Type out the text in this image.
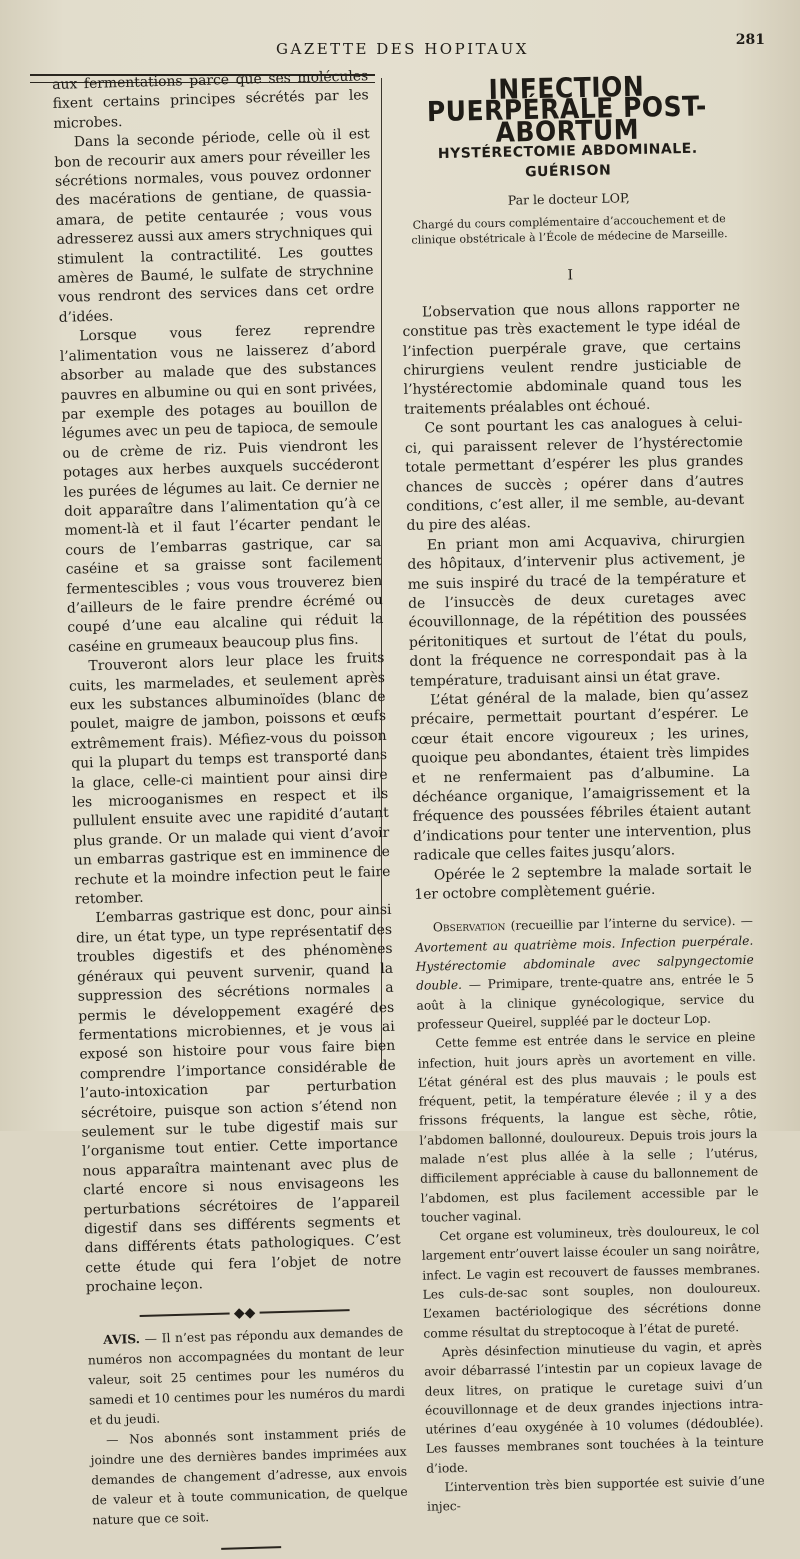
GAZETTE DES HOPITAUX	281

aux fermentations parce que ses molécules fixent certains principes sécrétés par les microbes.

Dans la seconde période, celle où il est bon de recourir aux amers pour réveiller les sécrétions normales, vous pouvez ordonner des macérations de gentiane, de quassia-amara, de petite centaurée ; vous vous adresserez aussi aux amers strychniques qui stimulent la contractilité. Les gouttes amères de Baumé, le sulfate de strychnine vous rendront des services dans cet ordre d’idées.

Lorsque vous ferez reprendre l’alimentation vous ne laisserez d’abord absorber au malade que des substances pauvres en albumine ou qui en sont privées, par exemple des potages au bouillon de légumes avec un peu de tapioca, de semoule ou de crème de riz. Puis viendront les potages aux herbes auxquels succéderont les purées de légumes au lait. Ce dernier ne doit apparaître dans l’alimentation qu’à ce moment-là et il faut l’écarter pendant le cours de l’embarras gastrique, car sa caséine et sa graisse sont facilement fermentescibles ; vous vous trouverez bien d’ailleurs de le faire prendre écrémé ou coupé d’une eau alcaline qui réduit la caséine en grumeaux beaucoup plus fins.

Trouveront alors leur place les fruits cuits, les marmelades, et seulement après eux les substances albuminoïdes (blanc de poulet, maigre de jambon, poissons et œufs extrêmement frais). Méfiez-vous du poisson qui la plupart du temps est transporté dans la glace, celle-ci maintient pour ainsi dire les microoganismes en respect et ils pullulent ensuite avec une rapidité d’autant plus grande. Or un malade qui vient d’avoir un embarras gastrique est en imminence de rechute et la moindre infection peut le faire retomber.

L’embarras gastrique est donc, pour ainsi dire, un état type, un type représentatif des troubles digestifs et des phénomènes généraux qui peuvent survenir, quand la suppression des sécrétions normales a permis le développement exagéré des fermentations microbiennes, et je vous ai exposé son histoire pour vous faire bien comprendre l’importance considérable de l’auto-intoxication par perturbation sécrétoire, puisque son action s’étend non seulement sur le tube digestif mais sur l’organisme tout entier. Cette importance nous apparaîtra maintenant avec plus de clarté encore si nous envisageons les perturbations sécrétoires de l’appareil digestif dans ses différents segments et dans différents états pathologiques. C’est cette étude qui fera l’objet de notre prochaine leçon.

◆◆

AVIS. — Il n’est pas répondu aux demandes de numéros non accompagnées du montant de leur valeur, soit 25 centimes pour les numéros du samedi et 10 centimes pour les numéros du mardi et du jeudi.

— Nos abonnés sont instamment priés de joindre une des dernières bandes imprimées aux demandes de changement d’adresse, aux envois de valeur et à toute communication, de quelque nature que ce soit.

INFECTION PUERPÉRALE POST-ABORTUM
HYSTÉRECTOMIE ABDOMINALE. GUÉRISON
Par le docteur LOP,
Chargé du cours complémentaire d’accouchement et de clinique obstétricale à l’École de médecine de Marseille.
I

L’observation que nous allons rapporter ne constitue pas très exactement le type idéal de l’infection puerpérale grave, que certains chirurgiens veulent rendre justiciable de l’hystérectomie abdominale quand tous les traitements préalables ont échoué.

Ce sont pourtant les cas analogues à celui-ci, qui paraissent relever de l’hystérectomie totale permettant d’espérer les plus grandes chances de succès ; opérer dans d’autres conditions, c’est aller, il me semble, au-devant du pire des aléas.

En priant mon ami Acquaviva, chirurgien des hôpitaux, d’intervenir plus activement, je me suis inspiré du tracé de la température et de l’insuccès de deux curetages avec écouvillonnage, de la répétition des poussées péritonitiques et surtout de l’état du pouls, dont la fréquence ne correspondait pas à la température, traduisant ainsi un état grave.

L’état général de la malade, bien qu’assez précaire, permettait pourtant d’espérer. Le cœur était encore vigoureux ; les urines, quoique peu abondantes, étaient très limpides et ne renfermaient pas d’albumine. La déchéance organique, l’amaigrissement et la fréquence des poussées fébriles étaient autant d’indications pour tenter une intervention, plus radicale que celles faites jusqu’alors.

Opérée le 2 septembre la malade sortait le 1er octobre complètement guérie.

Observation (recueillie par l’interne du service). — Avortement au quatrième mois. Infection puerpérale. Hystérectomie abdominale avec salpyngectomie double. — Primipare, trente-quatre ans, entrée le 5 août à la clinique gynécologique, service du professeur Queirel, suppléé par le docteur Lop.

Cette femme est entrée dans le service en pleine infection, huit jours après un avortement en ville. L’état général est des plus mauvais ; le pouls est fréquent, petit, la température élevée ; il y a des frissons fréquents, la langue est sèche, rôtie, l’abdomen ballonné, douloureux. Depuis trois jours la malade n’est plus allée à la selle ; l’utérus, difficilement appréciable à cause du ballonnement de l’abdomen, est plus facilement accessible par le toucher vaginal.

Cet organe est volumineux, très douloureux, le col largement entr’ouvert laisse écouler un sang noirâtre, infect. Le vagin est recouvert de fausses membranes. Les culs-de-sac sont souples, non douloureux. L’examen bactériologique des sécrétions donne comme résultat du streptocoque à l’état de pureté.

Après désinfection minutieuse du vagin, et après avoir débarrassé l’intestin par un copieux lavage de deux litres, on pratique le curetage suivi d’un écouvillonnage et de deux grandes injections intra-utérines d’eau oxygénée à 10 volumes (dédoublée). Les fausses membranes sont touchées à la teinture d’iode.

L’intervention très bien supportée est suivie d’une injec-
